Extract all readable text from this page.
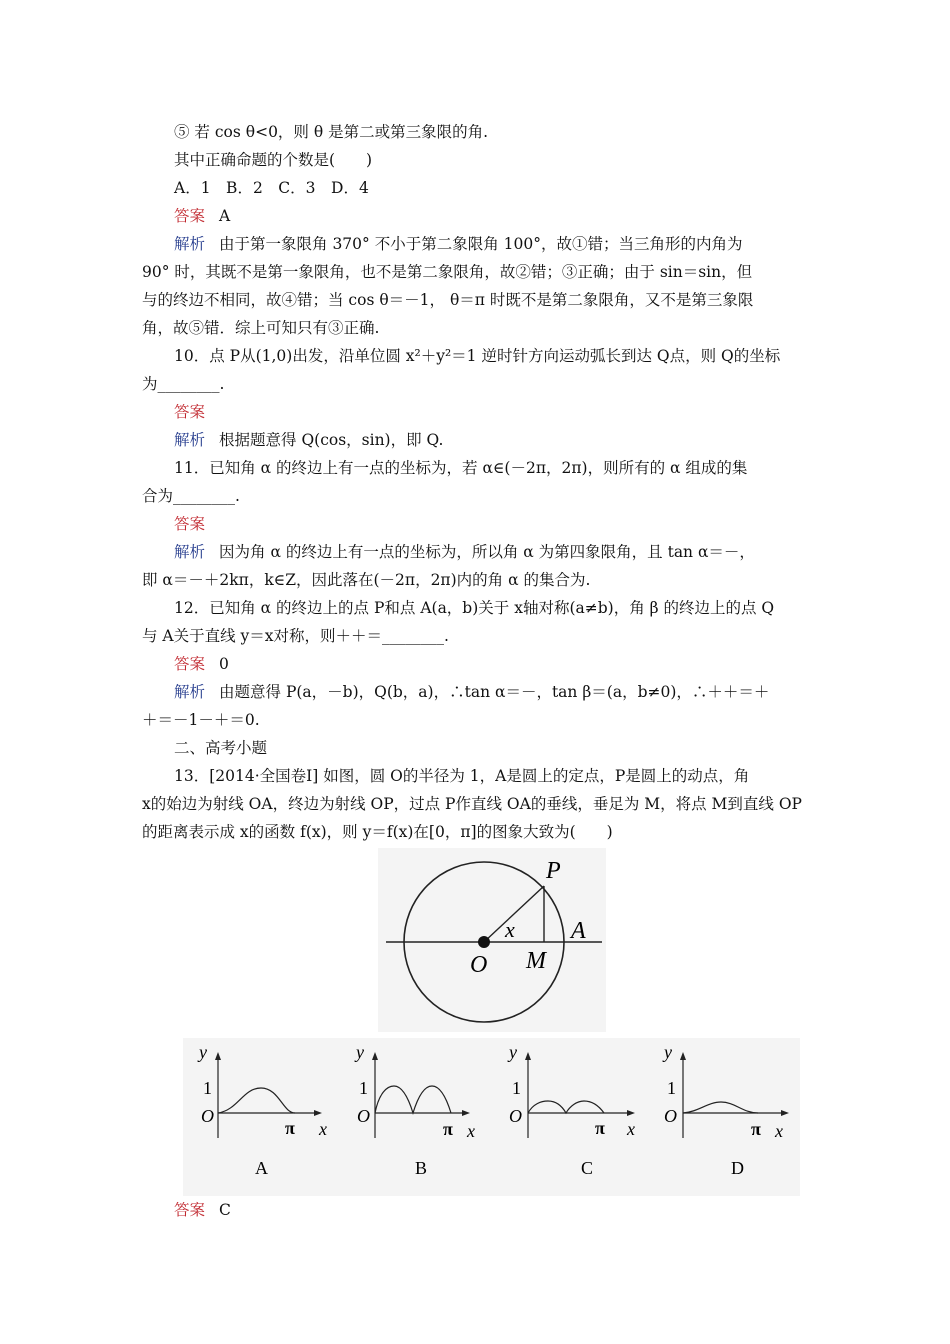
⑤ 若 cos θ<0，则 θ 是第二或第三象限的角.
其中正确命题的个数是(　　)
A．1　B．2　C．3　D．4
答案 A
解析 由于第一象限角 370° 不小于第二象限角 100°，故①错；当三角形的内角为
90° 时，其既不是第一象限角，也不是第二象限角，故②错；③正确；由于 sin＝sin，但
与的终边不相同，故④错；当 cos θ＝－1， θ＝π 时既不是第二象限角，又不是第三象限
角，故⑤错．综上可知只有③正确.
10．点 P从(1,0)出发，沿单位圆 x²＋y²＝1 逆时针方向运动弧长到达 Q点，则 Q的坐标
为________.
答案
解析 根据题意得 Q(cos，sin)，即 Q.
11．已知角 α 的终边上有一点的坐标为，若 α∈(－2π，2π)，则所有的 α 组成的集
合为________.
答案
解析 因为角 α 的终边上有一点的坐标为，所以角 α 为第四象限角，且 tan α＝－，
即 α＝－＋2kπ，k∈Z，因此落在(－2π，2π)内的角 α 的集合为.
12．已知角 α 的终边上的点 P和点 A(a，b)关于 x轴对称(a≠b)，角 β 的终边上的点 Q
与 A关于直线 y＝x对称，则＋＋＝________.
答案 0
解析 由题意得 P(a，－b)，Q(b，a)，∴tan α＝－，tan β＝(a，b≠0)，∴＋＋＝＋
＋＝－1－＋＝0.
二、高考小题
13．[2014·全国卷Ⅰ] 如图，圆 O的半径为 1，A是圆上的定点，P是圆上的动点，角
x的始边为射线 OA，终边为射线 OP，过点 P作直线 OA的垂线，垂足为 M，将点 M到直线 OP
的距离表示成 x的函数 f(x)，则 y＝f(x)在[0，π]的图象大致为(　　)
P
A
O M
x
y
1
O
π x
A
y
1
O
π x
B
y
1
O
π x
C
y
1
O
π x
D
答案 C
